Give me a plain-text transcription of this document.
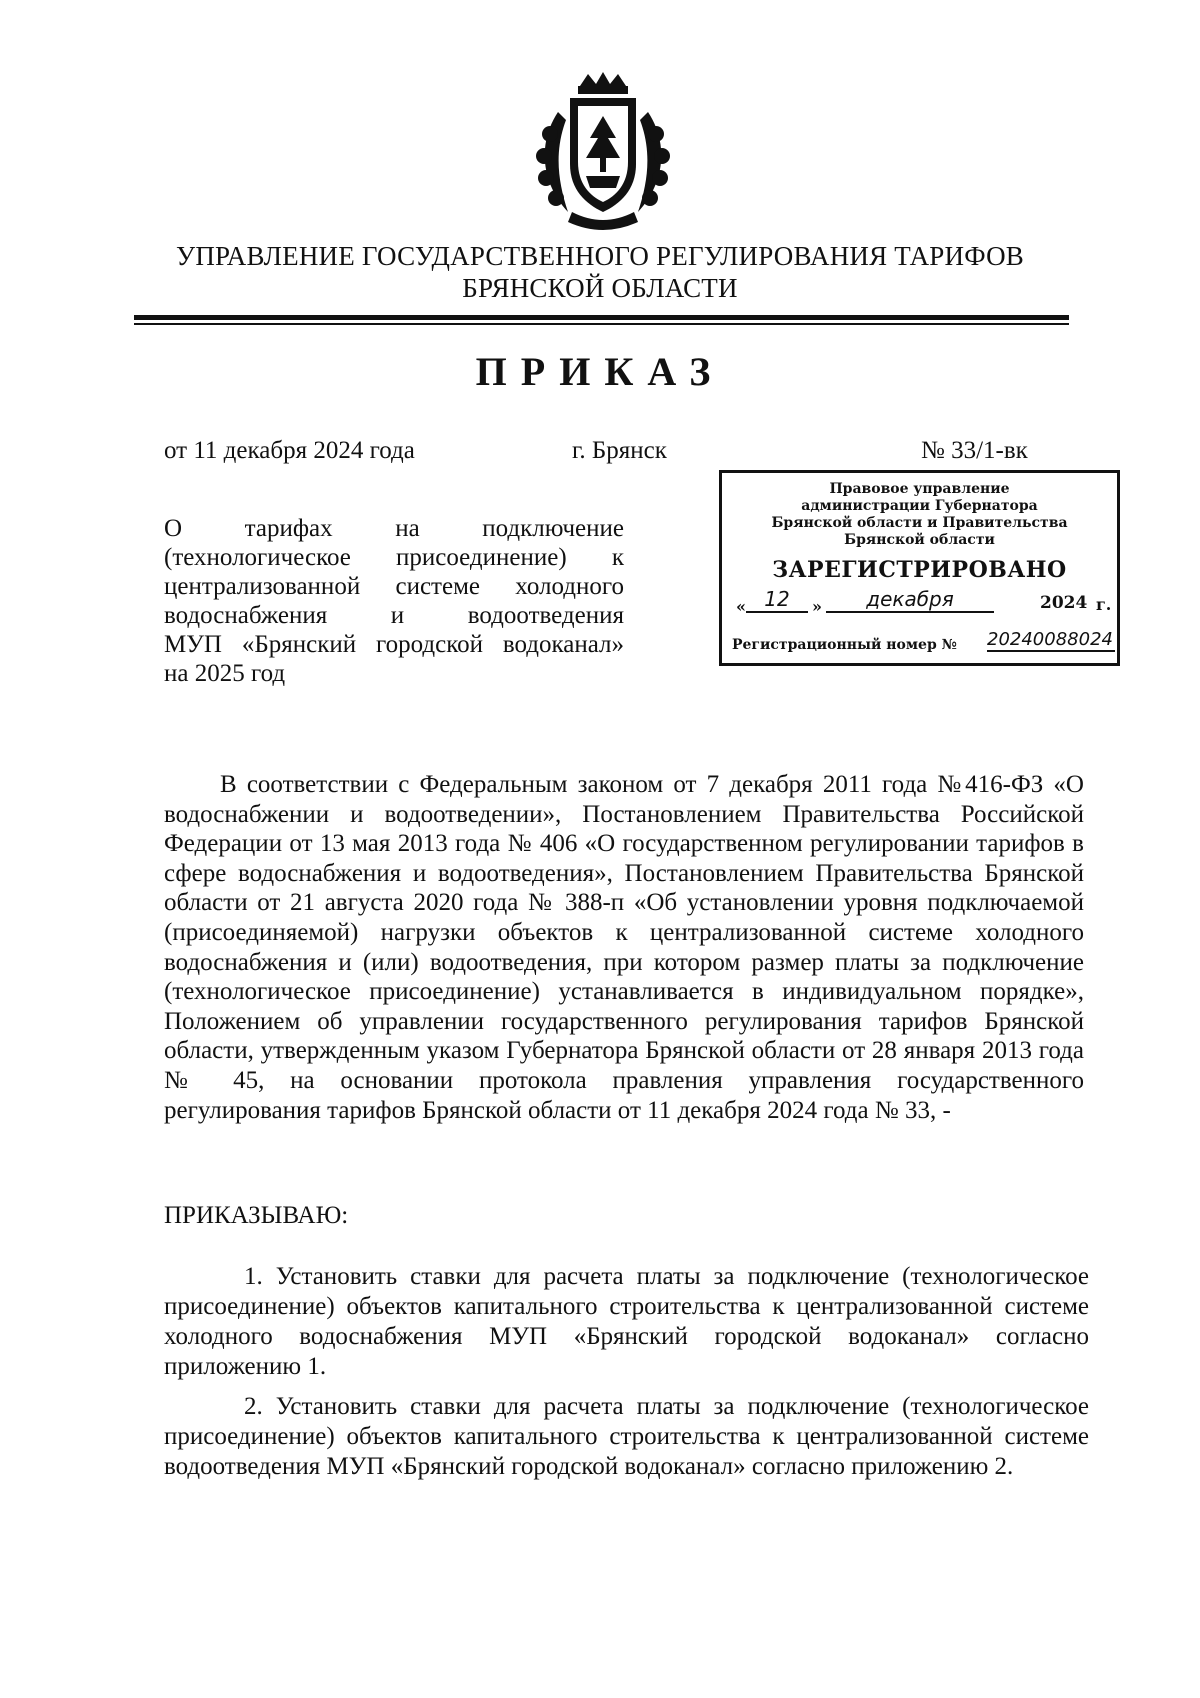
УПРАВЛЕНИЕ ГОСУДАРСТВЕННОГО РЕГУЛИРОВАНИЯ ТАРИФОВ
БРЯНСКОЙ ОБЛАСТИ
ПРИКАЗ
от 11 декабря 2024 года	г. Брянск	№ 33/1-вк
Правовое управление
администрации Губернатора
Брянской области и Правительства
Брянской области
ЗАРЕГИСТРИРОВАНО
« 12	»	декабря	2024 г.
Регистрационный номер № 20240088024
О тарифах на подключение
(технологическое присоединение) к
централизованной системе холодного
водоснабжения и водоотведения
МУП «Брянский городской водоканал»
на 2025 год
В соответствии с Федеральным законом от 7 декабря 2011 года №416-ФЗ «О водоснабжении и водоотведении», Постановлением Правительства Российской Федерации от 13 мая 2013 года № 406 «О государственном регулировании тарифов в сфере водоснабжения и водоотведения», Постановлением Правительства Брянской области от 21 августа 2020 года № 388-п «Об установлении уровня подключаемой (присоединяемой) нагрузки объектов к централизованной системе холодного водоснабжения и (или) водоотведения, при котором размер платы за подключение (технологическое присоединение) устанавливается в индивидуальном порядке», Положением об управлении государственного регулирования тарифов Брянской области, утвержденным указом Губернатора Брянской области от 28 января 2013 года № 45, на основании протокола правления управления государственного регулирования тарифов Брянской области от 11 декабря 2024 года № 33, -
ПРИКАЗЫВАЮ:
1. Установить ставки для расчета платы за подключение (технологическое присоединение) объектов капитального строительства к централизованной системе холодного водоснабжения МУП «Брянский городской водоканал» согласно приложению 1.
2. Установить ставки для расчета платы за подключение (технологическое присоединение) объектов капитального строительства к централизованной системе водоотведения МУП «Брянский городской водоканал» согласно приложению 2.
